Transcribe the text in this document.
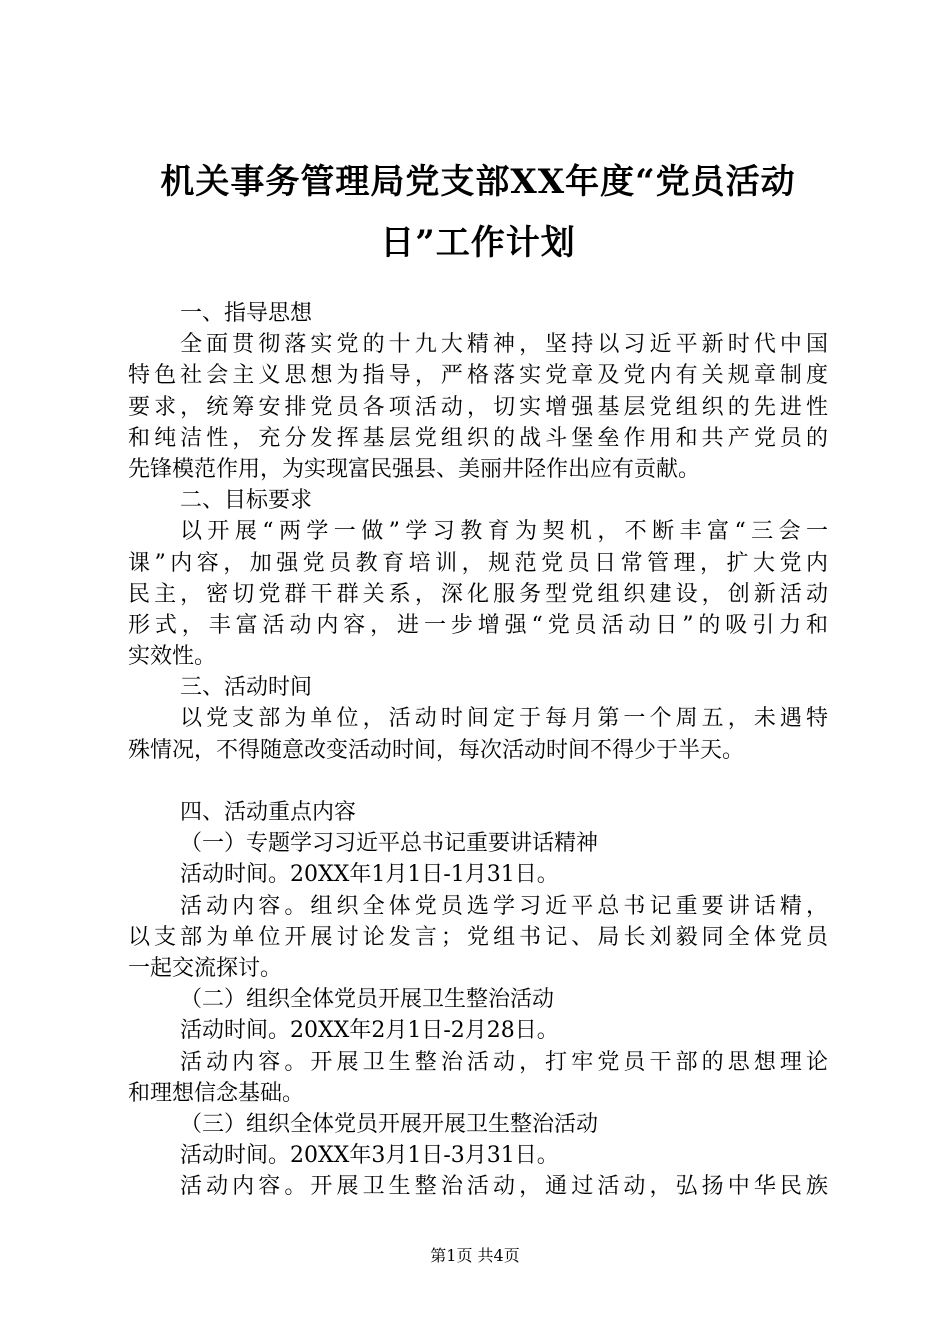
机关事务管理局党支部XX年度“党员活动
日”工作计划
一、指导思想
全面贯彻落实党的十九大精神，坚持以习近平新时代中国
特色社会主义思想为指导，严格落实党章及党内有关规章制度
要求，统筹安排党员各项活动，切实增强基层党组织的先进性
和纯洁性，充分发挥基层党组织的战斗堡垒作用和共产党员的
先锋模范作用，为实现富民强县、美丽井陉作出应有贡献。
二、目标要求
以开展“两学一做”学习教育为契机，不断丰富“三会一
课”内容，加强党员教育培训，规范党员日常管理，扩大党内
民主，密切党群干群关系，深化服务型党组织建设，创新活动
形式，丰富活动内容，进一步增强“党员活动日”的吸引力和
实效性。
三、活动时间
以党支部为单位，活动时间定于每月第一个周五，未遇特
殊情况，不得随意改变活动时间，每次活动时间不得少于半天。
四、活动重点内容
（一）专题学习习近平总书记重要讲话精神
活动时间。20XX年1月1日-1月31日。
活动内容。组织全体党员选学习近平总书记重要讲话精，
以支部为单位开展讨论发言；党组书记、局长刘毅同全体党员
一起交流探讨。
（二）组织全体党员开展卫生整治活动
活动时间。20XX年2月1日-2月28日。
活动内容。开展卫生整治活动，打牢党员干部的思想理论
和理想信念基础。
（三）组织全体党员开展开展卫生整治活动
活动时间。20XX年3月1日-3月31日。
活动内容。开展卫生整治活动，通过活动，弘扬中华民族
第1页 共4页
